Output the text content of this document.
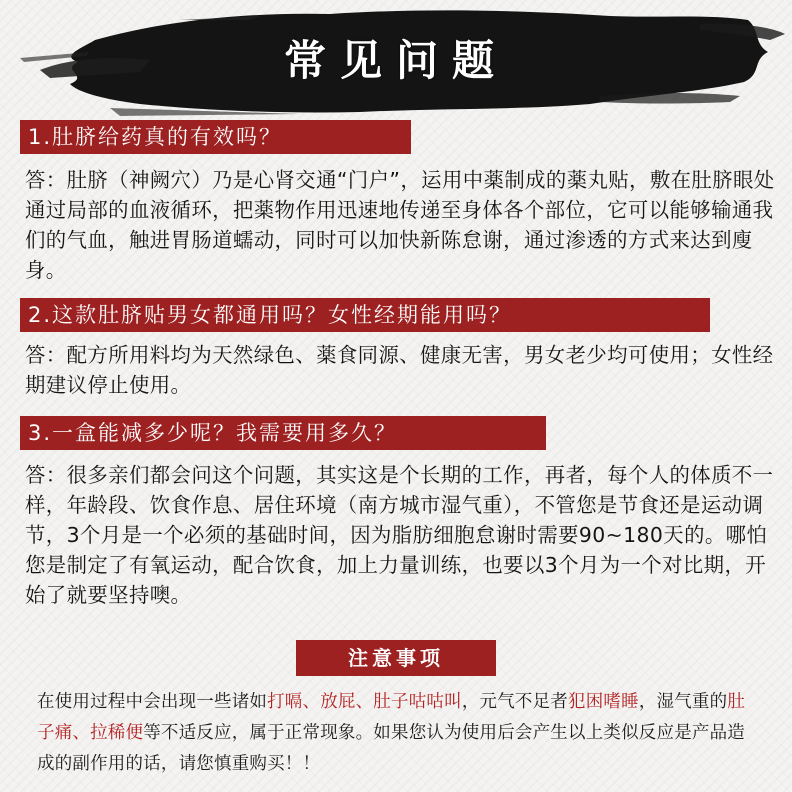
常见问题
1.肚脐给药真的有效吗？
答：肚脐（神阙穴）乃是心肾交通“门户”，运用中薬制成的薬丸贴，敷在肚脐眼处通过局部的血液循环，把薬物作用迅速地传递至身体各个部位，它可以能够输通我们的气血，触进胃肠道蠕动，同时可以加快新陈怠谢，通过渗透的方式来达到廋身。
2.这款肚脐贴男女都通用吗？女性经期能用吗？
答：配方所用料均为天然绿色、薬食同源、健康无害，男女老少均可使用；女性经期建议停止使用。
3.一盒能减多少呢？我需要用多久？
答：很多亲们都会问这个问题，其实这是个长期的工作，再者，每个人的体质不一样，年龄段、饮食作息、居住环境（南方城市湿气重），不管您是节食还是运动调节，3个月是一个必须的基础时间，因为脂肪细胞怠谢时需要90~180天的。哪怕您是制定了有氧运动，配合饮食，加上力量训练，也要以3个月为一个对比期，开始了就要坚持噢。
注意事项
在使用过程中会出现一些诸如打嗝、放屁、肚子咕咕叫，元气不足者犯困嗜睡，湿气重的肚子痛、拉稀便等不适反应，属于正常现象。如果您认为使用后会产生以上类似反应是产品造成的副作用的话，请您慎重购买！！
